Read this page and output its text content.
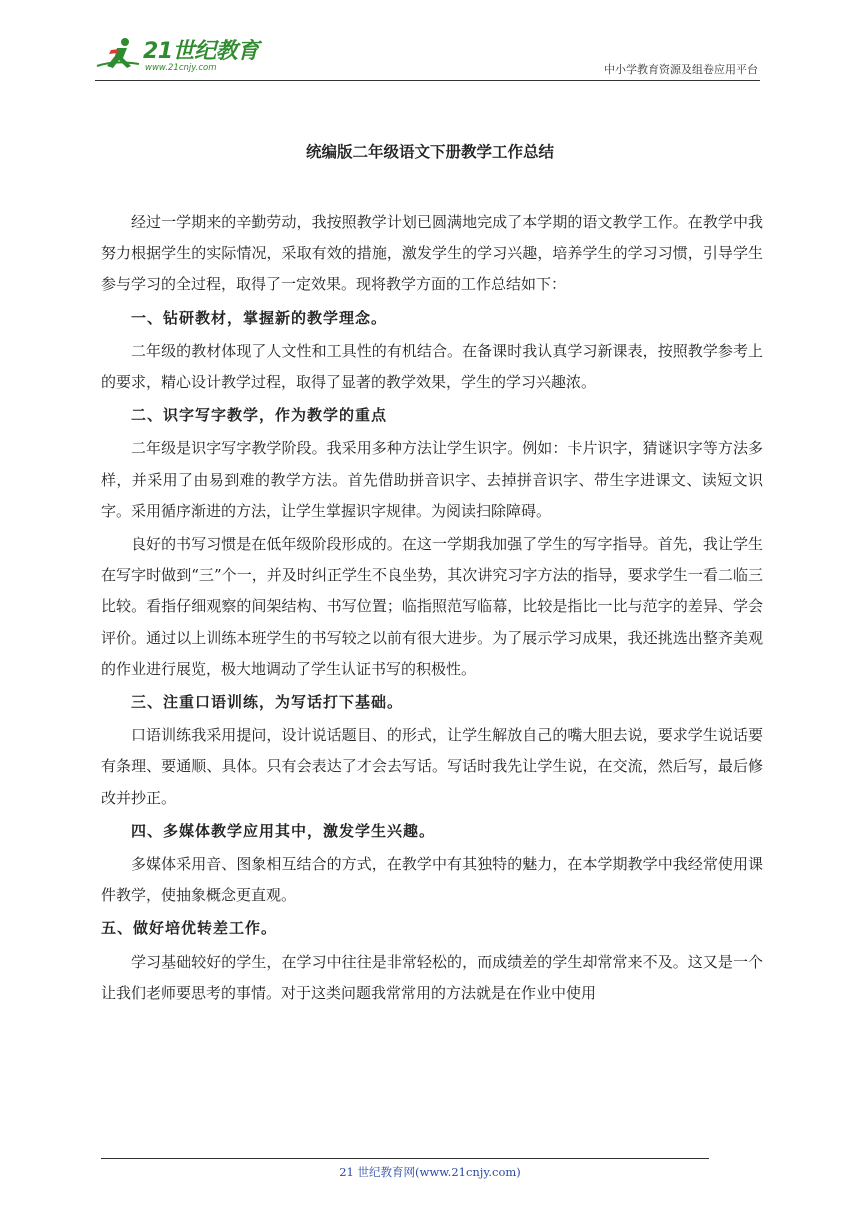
21世纪教育
www.21cnjy.com	中小学教育资源及组卷应用平台
统编版二年级语文下册教学工作总结

经过一学期来的辛勤劳动，我按照教学计划已圆满地完成了本学期的语文教学工作。在教学中我努力根据学生的实际情况，采取有效的措施，激发学生的学习兴趣，培养学生的学习习惯，引导学生参与学习的全过程，取得了一定效果。现将教学方面的工作总结如下：

一、钻研教材，掌握新的教学理念。

二年级的教材体现了人文性和工具性的有机结合。在备课时我认真学习新课表，按照教学参考上的要求，精心设计教学过程，取得了显著的教学效果，学生的学习兴趣浓。

二、识字写字教学，作为教学的重点

二年级是识字写字教学阶段。我采用多种方法让学生识字。例如：卡片识字，猜谜识字等方法多样，并采用了由易到难的教学方法。首先借助拼音识字、去掉拼音识字、带生字进课文、读短文识字。采用循序渐进的方法，让学生掌握识字规律。为阅读扫除障碍。

良好的书写习惯是在低年级阶段形成的。在这一学期我加强了学生的写字指导。首先，我让学生在写字时做到“三”个一，并及时纠正学生不良坐势，其次讲究习字方法的指导，要求学生一看二临三比较。看指仔细观察的间架结构、书写位置；临指照范写临幕，比较是指比一比与范字的差异、学会评价。通过以上训练本班学生的书写较之以前有很大进步。为了展示学习成果，我还挑选出整齐美观的作业进行展览，极大地调动了学生认证书写的积极性。

三、注重口语训练，为写话打下基础。

口语训练我采用提问，设计说话题目、的形式，让学生解放自己的嘴大胆去说，要求学生说话要有条理、要通顺、具体。只有会表达了才会去写话。写话时我先让学生说，在交流，然后写，最后修改并抄正。

四、多媒体教学应用其中，激发学生兴趣。

多媒体采用音、图象相互结合的方式，在教学中有其独特的魅力，在本学期教学中我经常使用课件教学，使抽象概念更直观。

五、做好培优转差工作。

学习基础较好的学生，在学习中往往是非常轻松的，而成绩差的学生却常常来不及。这又是一个让我们老师要思考的事情。对于这类问题我常常用的方法就是在作业中使用

21 世纪教育网(www.21cnjy.com)
